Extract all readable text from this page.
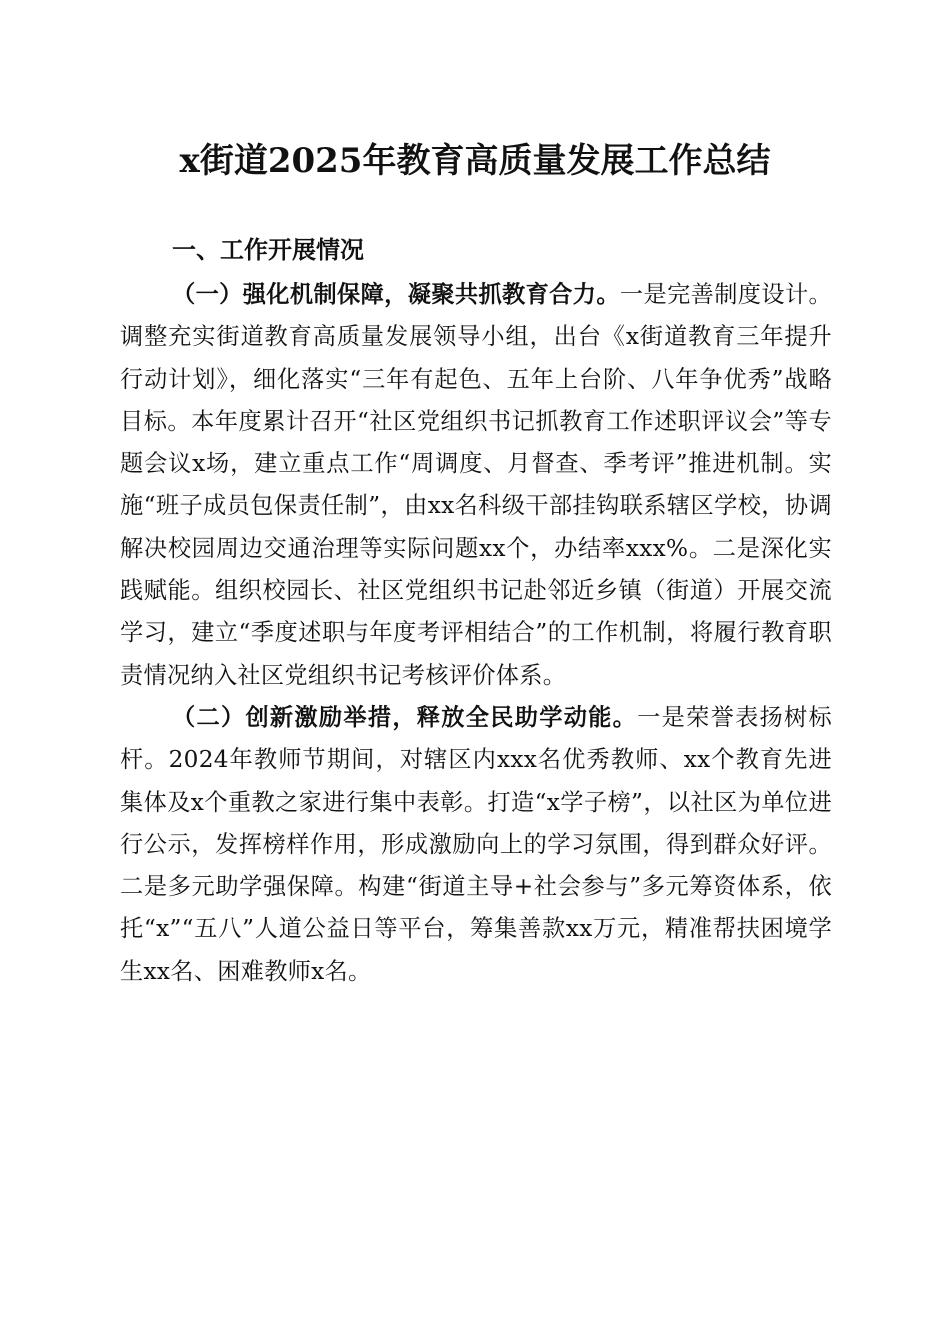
x街道2025年教育高质量发展工作总结
一、工作开展情况

（一）强化机制保障，凝聚共抓教育合力。一是完善制度设计。调整充实街道教育高质量发展领导小组，出台《x街道教育三年提升行动计划》，细化落实“三年有起色、五年上台阶、八年争优秀”战略目标。本年度累计召开“社区党组织书记抓教育工作述职评议会”等专题会议x场，建立重点工作“周调度、月督查、季考评”推进机制。实施“班子成员包保责任制”，由xx名科级干部挂钩联系辖区学校，协调解决校园周边交通治理等实际问题xx个，办结率xxx%。二是深化实践赋能。组织校园长、社区党组织书记赴邻近乡镇（街道）开展交流学习，建立“季度述职与年度考评相结合”的工作机制，将履行教育职责情况纳入社区党组织书记考核评价体系。

（二）创新激励举措，释放全民助学动能。一是荣誉表扬树标杆。2024年教师节期间，对辖区内xxx名优秀教师、xx个教育先进集体及x个重教之家进行集中表彰。打造“x学子榜”，以社区为单位进行公示，发挥榜样作用，形成激励向上的学习氛围，得到群众好评。二是多元助学强保障。构建“街道主导+社会参与”多元筹资体系，依托“x”“五八”人道公益日等平台，筹集善款xx万元，精准帮扶困境学生xx名、困难教师x名。
